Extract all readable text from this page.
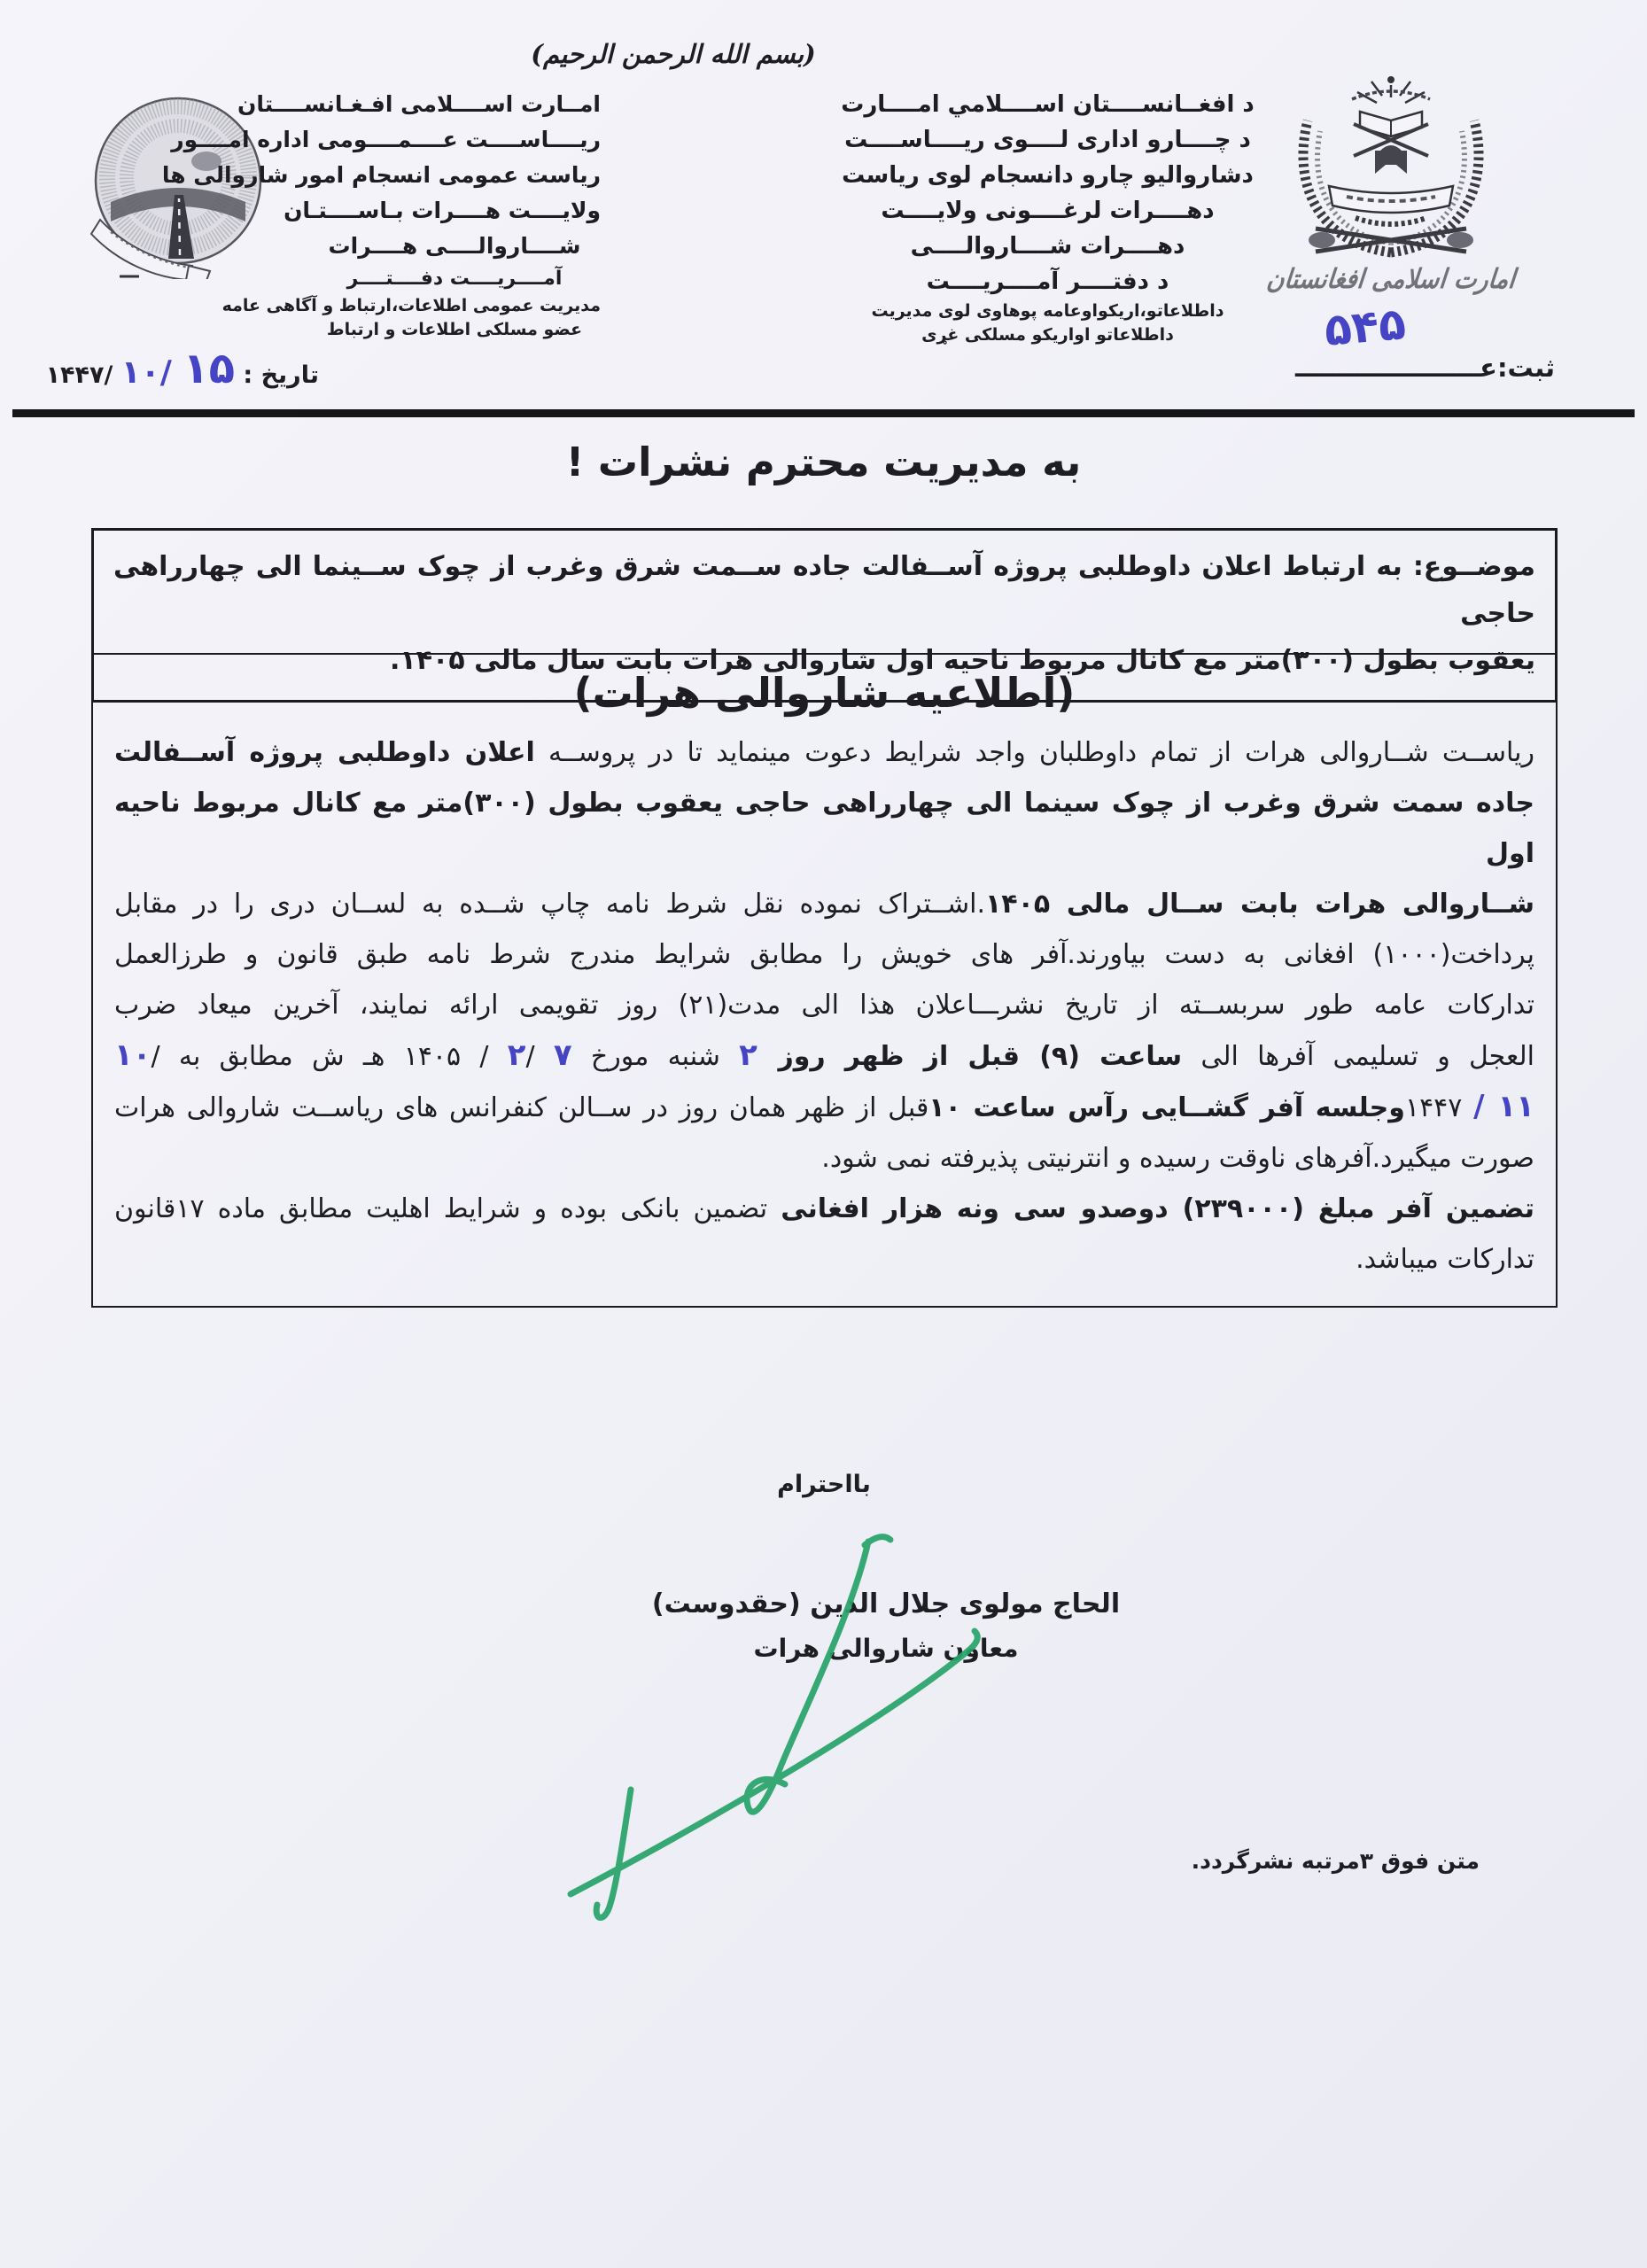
(بسم الله الرحمن الرحیم)
امــارت اســــلامی افـغـانســــتان
ریــــاســــت عــــمــــومی اداره امــــور
ریاست عمومی انسجام امور شاروالی ها
ولایــــت هــــرات بـاســــتـان
شــــاروالــــی هــــرات
آمــــریــــت دفــــتــــر
مدیریت عمومی اطلاعات،ارتباط و آگاهی عامه
عضو مسلکی اطلاعات و ارتباط
د افغــانســــتان اســــلامي امــــارت
د چــــارو اداری لــــوی ریــــاســــت
دشاروالیو چارو دانسجام لوی ریاست
دهــــرات لرغــــونی ولایــــت
دهــــرات شــــاروالــــی
د دفتــــر آمــــریــــت
داطلاعاتو،اریکواوعامه پوهاوی لوی مدیریت
داطلاعاتو اواریکو مسلکی غړی
امارت اسلامی افغانستان
۵۴۵
ثبت:عـــــــــــــــــــــ
تاریخ : ۱۵ /۱۰ /۱۴۴۷
به مدیریت محترم نشرات !
موضــوع: به ارتباط اعلان داوطلبی پروژه آســفالت جاده ســمت شرق وغرب از چوک ســینما الی چهارراهی حاجی
یعقوب بطول (۳۰۰)متر مع کانال مربوط ناحیه اول شاروالی هرات بابت سال مالی ۱۴۰۵.
(اطلاعیه شاروالی هرات)
ریاســت شــاروالی هرات از تمام داوطلبان واجد شرایط دعوت مینماید تا در پروســه اعلان داوطلبی پروژه آســفالت
جاده سمت شرق وغرب از چوک سینما الی چهارراهی حاجی یعقوب بطول (۳۰۰)متر مع کانال مربوط ناحیه اول
شــاروالی هرات بابت ســال مالی ۱۴۰۵.اشــتراک نموده نقل شرط نامه چاپ شــده به لســان دری را در مقابل
پرداخت(۱۰۰۰) افغانی به دست بیاورند.آفر های خویش را مطابق شرایط مندرج شرط نامه طبق قانون و طرزالعمل
تدارکات عامه طور سربســته از تاریخ نشرـــاعلان هذا الی مدت(۲۱) روز تقویمی ارائه نمایند، آخرین میعاد ضرب
العجل و تسلیمی آفرها الی ساعت (۹) قبل از ظهر روز ۲ شنبه مورخ ۷ /۲ / ۱۴۰۵ هـ ش مطابق به /۱۰
۱۱ / ۱۴۴۷وجلسه آفر گشــایی رآس ساعت ۱۰قبل از ظهر همان روز در ســالن کنفرانس های ریاســت شاروالی هرات
صورت میگیرد.آفرهای ناوقت رسیده و انترنیتی پذیرفته نمی شود.
تضمین آفر مبلغ (۲۳۹۰۰۰) دوصدو سی ونه هزار افغانی تضمین بانکی بوده و شرایط اهلیت مطابق ماده ۱۷قانون
تدارکات میباشد.
بااحترام
الحاج مولوی جلال الدین (حقدوست)
معاون شاروالی هرات
متن فوق ۳مرتبه نشرگردد.
